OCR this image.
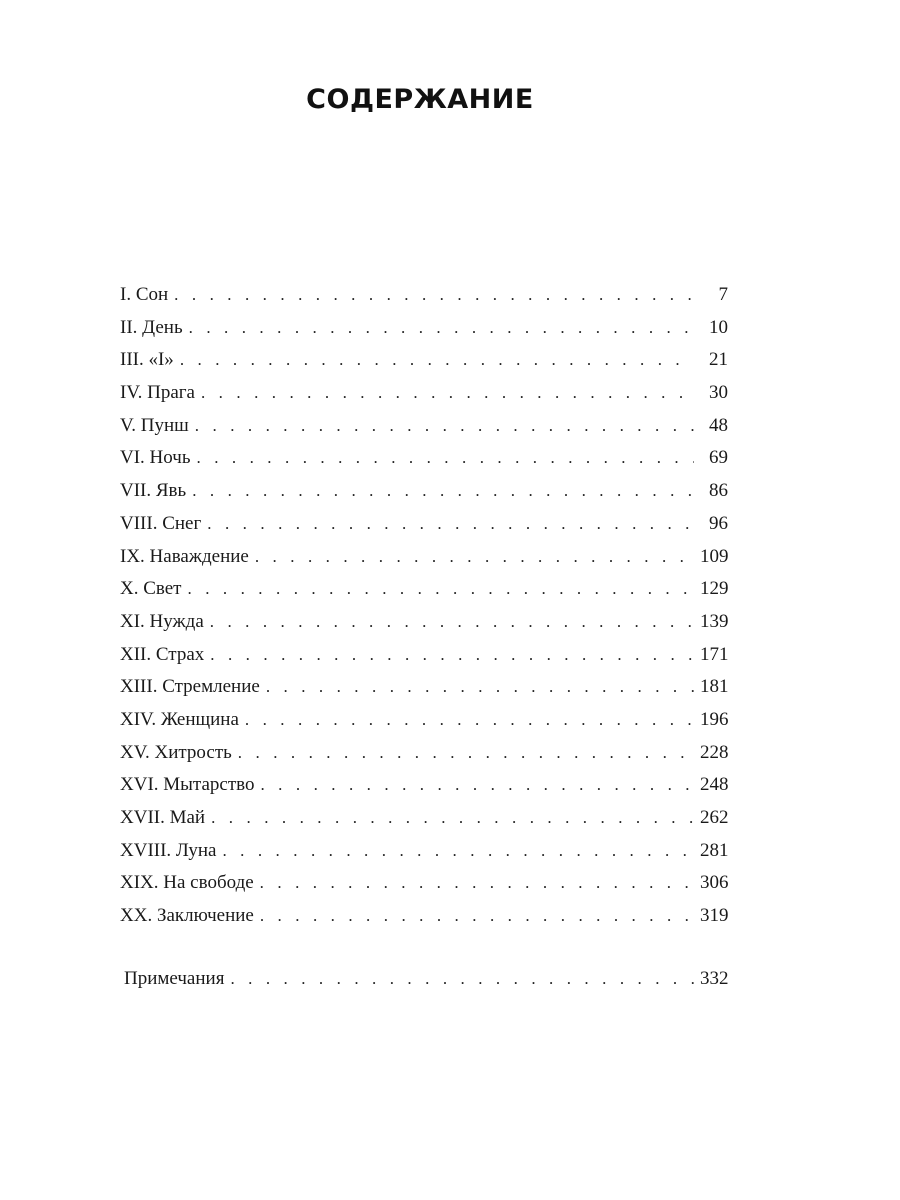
СОДЕРЖАНИЕ
I. Сон . . .	7
II. День . . .	10
III. «I» . . .	21
IV. Прага . . .	30
V. Пунш . . .	48
VI. Ночь . . .	69
VII. Явь . . .	86
VIII. Снег . . .	96
IX. Наваждение . . .	109
X. Свет . . .	129
XI. Нужда . . .	139
XII. Страх . . .	171
XIII. Стремление . . .	181
XIV. Женщина . . .	196
XV. Хитрость . . .	228
XVI. Мытарство . . .	248
XVII. Май . . .	262
XVIII. Луна . . .	281
XIX. На свободе . . .	306
XX. Заключение . . .	319
Примечания . . .	332
